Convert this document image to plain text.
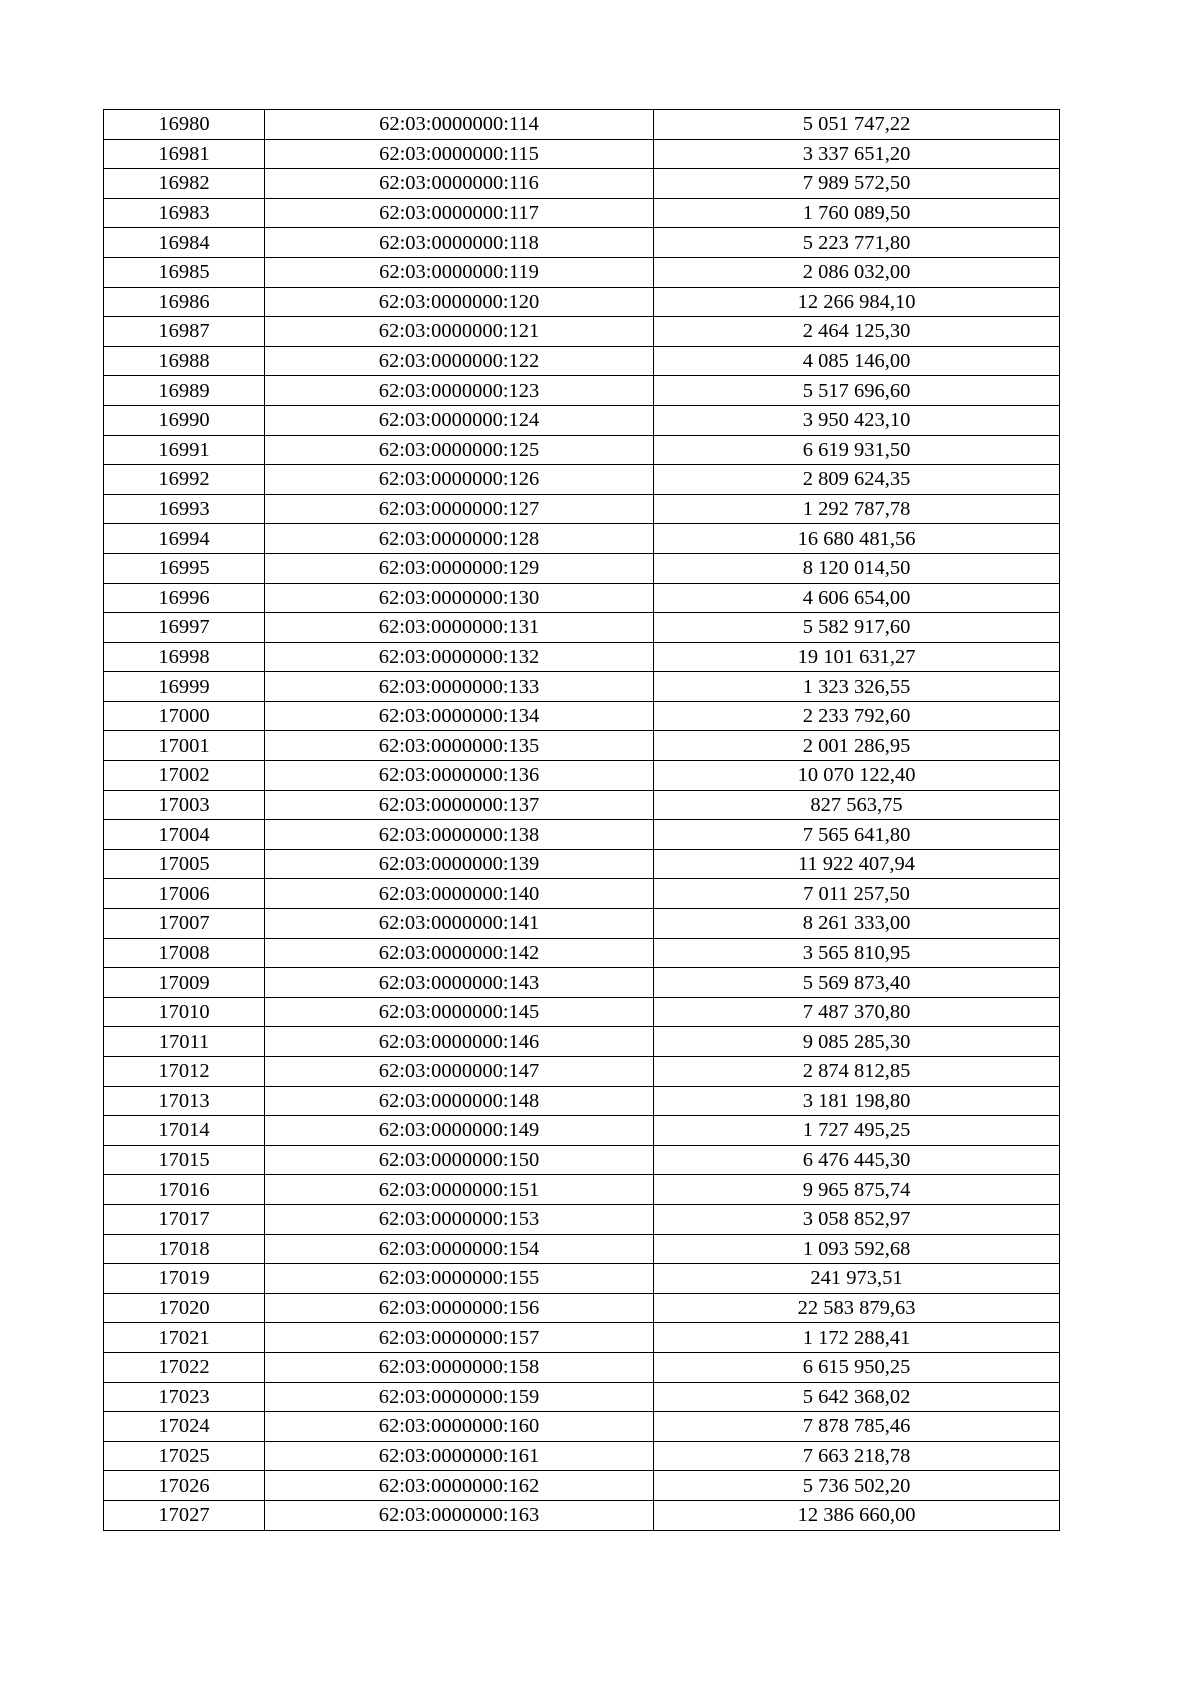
16980	62:03:0000000:114	5 051 747,22
16981	62:03:0000000:115	3 337 651,20
16982	62:03:0000000:116	7 989 572,50
16983	62:03:0000000:117	1 760 089,50
16984	62:03:0000000:118	5 223 771,80
16985	62:03:0000000:119	2 086 032,00
16986	62:03:0000000:120	12 266 984,10
16987	62:03:0000000:121	2 464 125,30
16988	62:03:0000000:122	4 085 146,00
16989	62:03:0000000:123	5 517 696,60
16990	62:03:0000000:124	3 950 423,10
16991	62:03:0000000:125	6 619 931,50
16992	62:03:0000000:126	2 809 624,35
16993	62:03:0000000:127	1 292 787,78
16994	62:03:0000000:128	16 680 481,56
16995	62:03:0000000:129	8 120 014,50
16996	62:03:0000000:130	4 606 654,00
16997	62:03:0000000:131	5 582 917,60
16998	62:03:0000000:132	19 101 631,27
16999	62:03:0000000:133	1 323 326,55
17000	62:03:0000000:134	2 233 792,60
17001	62:03:0000000:135	2 001 286,95
17002	62:03:0000000:136	10 070 122,40
17003	62:03:0000000:137	827 563,75
17004	62:03:0000000:138	7 565 641,80
17005	62:03:0000000:139	11 922 407,94
17006	62:03:0000000:140	7 011 257,50
17007	62:03:0000000:141	8 261 333,00
17008	62:03:0000000:142	3 565 810,95
17009	62:03:0000000:143	5 569 873,40
17010	62:03:0000000:145	7 487 370,80
17011	62:03:0000000:146	9 085 285,30
17012	62:03:0000000:147	2 874 812,85
17013	62:03:0000000:148	3 181 198,80
17014	62:03:0000000:149	1 727 495,25
17015	62:03:0000000:150	6 476 445,30
17016	62:03:0000000:151	9 965 875,74
17017	62:03:0000000:153	3 058 852,97
17018	62:03:0000000:154	1 093 592,68
17019	62:03:0000000:155	241 973,51
17020	62:03:0000000:156	22 583 879,63
17021	62:03:0000000:157	1 172 288,41
17022	62:03:0000000:158	6 615 950,25
17023	62:03:0000000:159	5 642 368,02
17024	62:03:0000000:160	7 878 785,46
17025	62:03:0000000:161	7 663 218,78
17026	62:03:0000000:162	5 736 502,20
17027	62:03:0000000:163	12 386 660,00
